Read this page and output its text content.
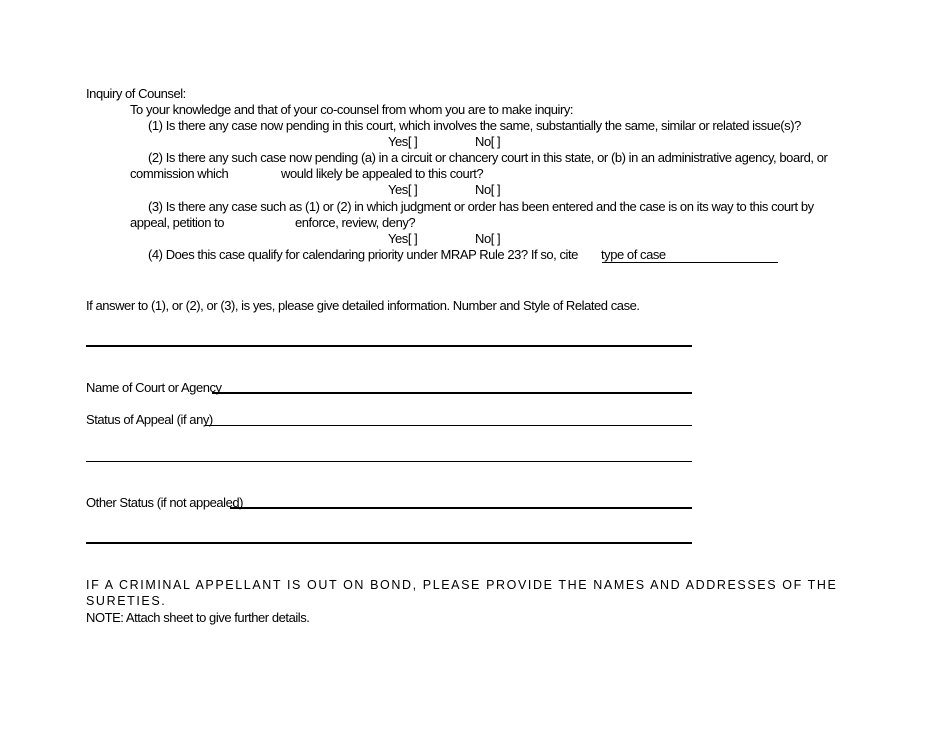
Inquiry of Counsel:
To your knowledge and that of your co-counsel from whom you are to make inquiry:
(1) Is there any case now pending in this court, which involves the same, substantially the same, similar or related issue(s)?
Yes[ ]	No[ ]
(2) Is there any such case now pending (a) in a circuit or chancery court in this state, or (b) in an administrative agency, board, or
commission which	would likely be appealed to this court?
Yes[ ]	No[ ]
(3) Is there any case such as (1) or (2) in which judgment or order has been entered and the case is on its way to this court by
appeal, petition to	enforce, review, deny?
Yes[ ]	No[ ]
(4) Does this case qualify for calendaring priority under MRAP Rule 23? If so, cite type of case
If answer to (1), or (2), or (3), is yes, please give detailed information. Number and Style of Related case.
Name of Court or Agency
Status of Appeal (if any)
Other Status (if not appealed)
IF A CRIMINAL APPELLANT IS OUT ON BOND, PLEASE PROVIDE THE NAMES AND ADDRESSES OF THE
SURETIES.
NOTE: Attach sheet to give further details.
